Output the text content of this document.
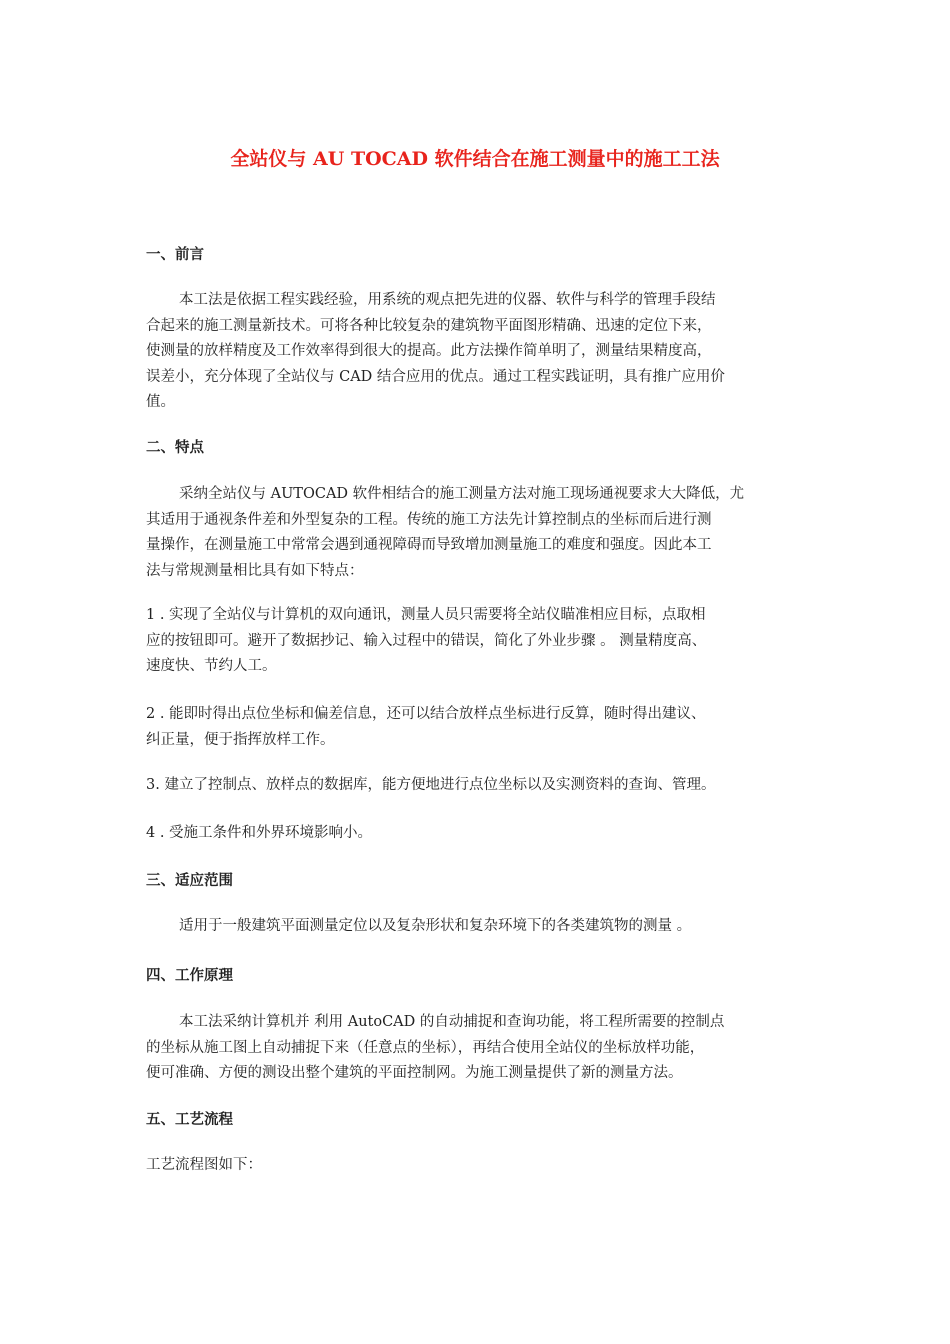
全站仪与 AU TOCAD 软件结合在施工测量中的施工工法
一、前言
本工法是依据工程实践经验，用系统的观点把先进的仪器、软件与科学的管理手段结
合起来的施工测量新技术。可将各种比较复杂的建筑物平面图形精确、迅速的定位下来，
使测量的放样精度及工作效率得到很大的提高。此方法操作简单明了，测量结果精度高，
误差小，充分体现了全站仪与 CAD 结合应用的优点。通过工程实践证明，具有推广应用价
值。
二、特点
采纳全站仪与 AUTOCAD 软件相结合的施工测量方法对施工现场通视要求大大降低，尤
其适用于通视条件差和外型复杂的工程。传统的施工方法先计算控制点的坐标而后进行测
量操作，在测量施工中常常会遇到通视障碍而导致增加测量施工的难度和强度。因此本工
法与常规测量相比具有如下特点：
1 . 实现了全站仪与计算机的双向通讯，测量人员只需要将全站仪瞄准相应目标，点取相
应的按钮即可。避开了数据抄记、输入过程中的错误，简化了外业步骤 。 测量精度高、
速度快、节约人工。
2 . 能即时得出点位坐标和偏差信息，还可以结合放样点坐标进行反算，随时得出建议、
纠正量，便于指挥放样工作。
3. 建立了控制点、放样点的数据库，能方便地进行点位坐标以及实测资料的查询、管理。
4 . 受施工条件和外界环境影响小。
三、适应范围
适用于一般建筑平面测量定位以及复杂形状和复杂环境下的各类建筑物的测量 。
四、工作原理
本工法采纳计算机并 利用 AutoCAD 的自动捕捉和查询功能，将工程所需要的控制点
的坐标从施工图上自动捕捉下来（任意点的坐标），再结合使用全站仪的坐标放样功能，
便可准确、方便的测设出整个建筑的平面控制网。为施工测量提供了新的测量方法。
五、工艺流程
工艺流程图如下：
